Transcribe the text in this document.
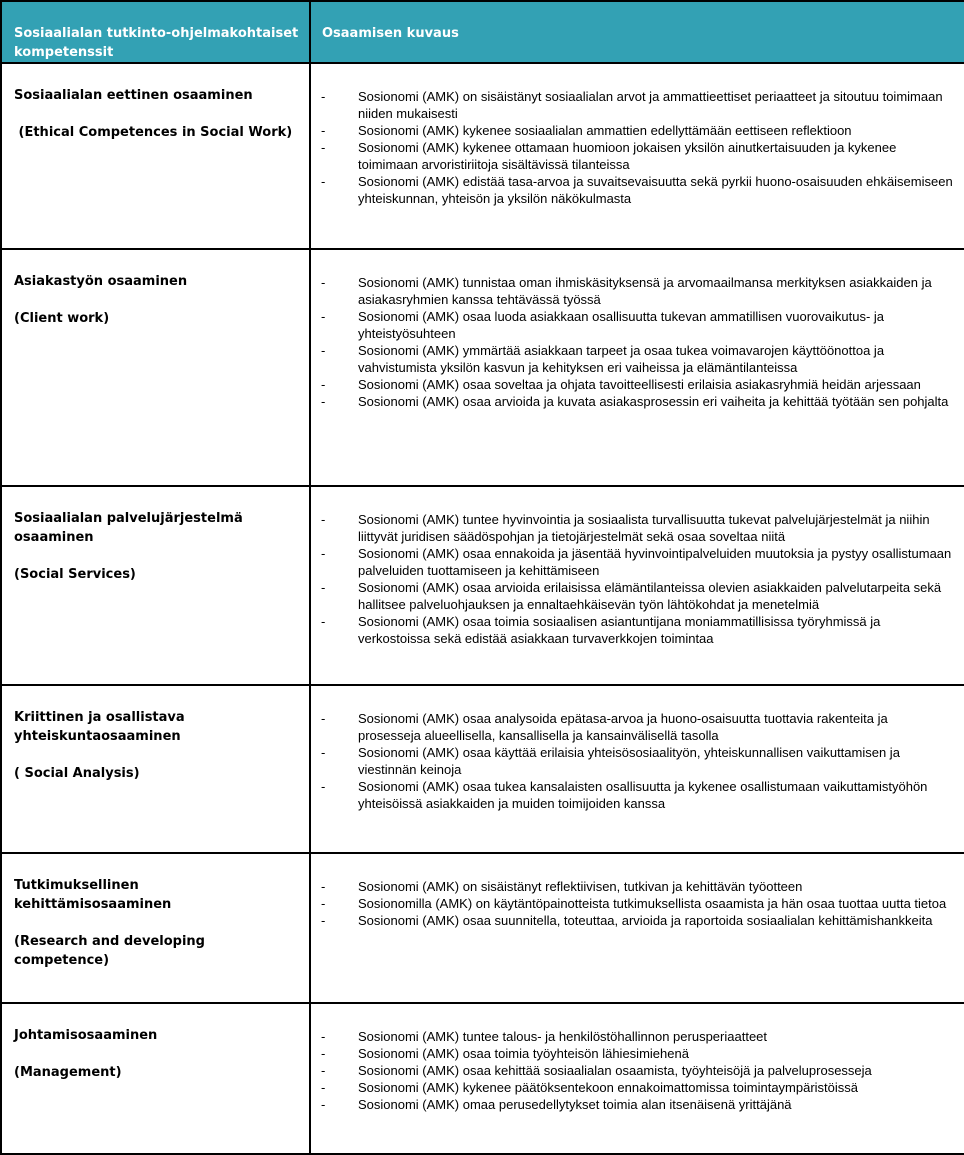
Sosiaalialan tutkinto-ohjelmakohtaiset kompetenssit	Osaamisen kuvaus

Sosiaalialan eettinen osaaminen
(Ethical Competences in Social Work)

-	Sosionomi (AMK) on sisäistänyt sosiaalialan arvot ja ammattieettiset periaatteet ja sitoutuu toimimaan niiden mukaisesti
-	Sosionomi (AMK) kykenee sosiaalialan ammattien edellyttämään eettiseen reflektioon
-	Sosionomi (AMK) kykenee ottamaan huomioon jokaisen yksilön ainutkertaisuuden ja kykenee toimimaan arvoristiriitoja sisältävissä tilanteissa
-	Sosionomi (AMK) edistää tasa-arvoa ja suvaitsevaisuutta sekä pyrkii huono-osaisuuden ehkäisemiseen yhteiskunnan, yhteisön ja yksilön näkökulmasta

Asiakastyön osaaminen
(Client work)

-	Sosionomi (AMK) tunnistaa oman ihmiskäsityksensä ja arvomaailmansa merkityksen asiakkaiden ja asiakasryhmien kanssa tehtävässä työssä
-	Sosionomi (AMK) osaa luoda asiakkaan osallisuutta tukevan ammatillisen vuorovaikutus- ja yhteistyösuhteen
-	Sosionomi (AMK) ymmärtää asiakkaan tarpeet ja osaa tukea voimavarojen käyttöönottoa ja vahvistumista yksilön kasvun ja kehityksen eri vaiheissa ja elämäntilanteissa
-	Sosionomi (AMK) osaa soveltaa ja ohjata tavoitteellisesti erilaisia asiakasryhmiä heidän arjessaan
-	Sosionomi (AMK) osaa arvioida ja kuvata asiakasprosessin eri vaiheita ja kehittää työtään sen pohjalta

Sosiaalialan palvelujärjestelmä osaaminen
(Social Services)

-	Sosionomi (AMK) tuntee hyvinvointia ja sosiaalista turvallisuutta tukevat palvelujärjestelmät ja niihin liittyvät juridisen säädöspohjan ja tietojärjestelmät sekä osaa soveltaa niitä
-	Sosionomi (AMK) osaa ennakoida ja jäsentää hyvinvointipalveluiden muutoksia ja pystyy osallistumaan palveluiden tuottamiseen ja kehittämiseen
-	Sosionomi (AMK) osaa arvioida erilaisissa elämäntilanteissa olevien asiakkaiden palvelutarpeita sekä hallitsee palveluohjauksen ja ennaltaehkäisevän työn lähtökohdat ja menetelmiä
-	Sosionomi (AMK) osaa toimia sosiaalisen asiantuntijana moniammatillisissa työryhmissä ja verkostoissa sekä edistää asiakkaan turvaverkkojen toimintaa

Kriittinen ja osallistava yhteiskuntaosaaminen
( Social Analysis)

-	Sosionomi (AMK) osaa analysoida epätasa-arvoa ja huono-osaisuutta tuottavia rakenteita ja prosesseja alueellisella, kansallisella ja kansainvälisellä tasolla
-	Sosionomi (AMK) osaa käyttää erilaisia yhteisösosiaalityön, yhteiskunnallisen vaikuttamisen ja viestinnän keinoja
-	Sosionomi (AMK) osaa tukea kansalaisten osallisuutta ja kykenee osallistumaan vaikuttamistyöhön yhteisöissä asiakkaiden ja muiden toimijoiden kanssa

Tutkimuksellinen kehittämisosaaminen
(Research and developing competence)

-	Sosionomi (AMK) on sisäistänyt reflektiivisen, tutkivan ja kehittävän työotteen
-	Sosionomilla (AMK) on käytäntöpainotteista tutkimuksellista osaamista ja hän osaa tuottaa uutta tietoa
-	Sosionomi (AMK) osaa suunnitella, toteuttaa, arvioida ja raportoida sosiaalialan kehittämishankkeita

Johtamisosaaminen
(Management)

-	Sosionomi (AMK) tuntee talous- ja henkilöstöhallinnon perusperiaatteet
-	Sosionomi (AMK) osaa toimia työyhteisön lähiesimiehenä
-	Sosionomi (AMK) osaa kehittää sosiaalialan osaamista, työyhteisöjä ja palveluprosesseja
-	Sosionomi (AMK) kykenee päätöksentekoon ennakoimattomissa toimintaympäristöissä
-	Sosionomi (AMK) omaa perusedellytykset toimia alan itsenäisenä yrittäjänä
